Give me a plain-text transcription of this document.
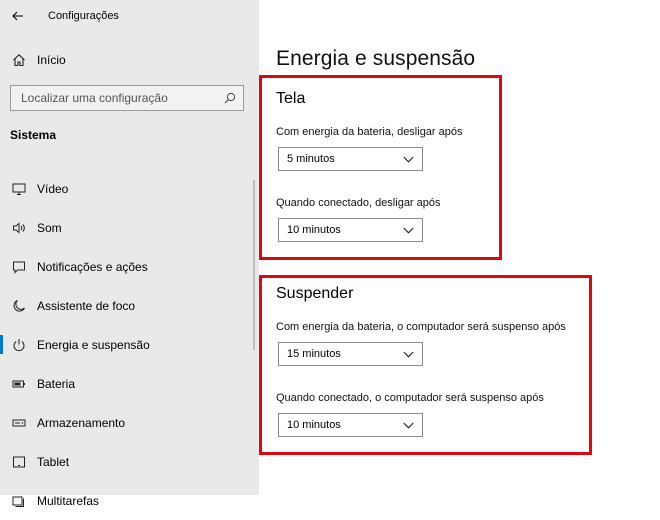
Configurações
Início
Localizar uma configuração
Sistema
Vídeo
Som
Notificações e ações
Assistente de foco
Energia e suspensão
Bateria
Armazenamento
Tablet
Multitarefas
Energia e suspensão
Tela
Com energia da bateria, desligar após
5 minutos
Quando conectado, desligar após
10 minutos
Suspender
Com energia da bateria, o computador será suspenso após
15 minutos
Quando conectado, o computador será suspenso após
10 minutos
